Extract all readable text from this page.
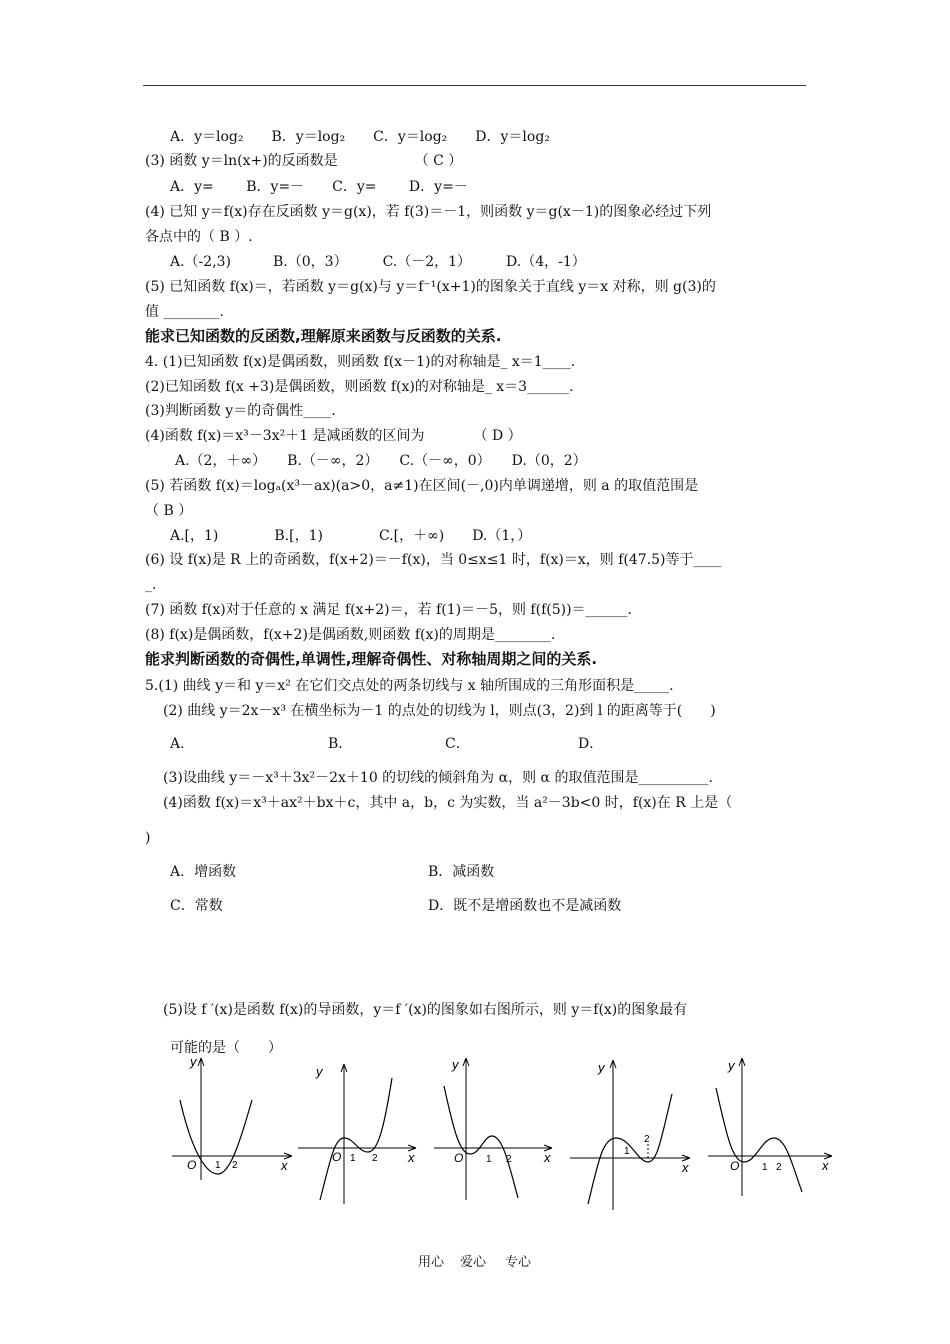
A．y＝log₂　　B．y＝log₂　　C．y＝log₂　　D．y＝log₂
(3) 函数 y＝ln(x+)的反函数是　　　　　　（ C ）
A．y=　　 B．y=－　　C．y=　　 D．y=－
(4) 已知 y＝f(x)存在反函数 y＝g(x)，若 f(3)＝－1，则函数 y＝g(x－1)的图象必经过下列
各点中的（ B ）.
A.（-2,3)　　　B.（0，3）　　　C.（－2，1）　　　D.（4，-1）
(5) 已知函数 f(x)＝，若函数 y＝g(x)与 y＝f⁻¹(x+1)的图象关于直线 y＝x 对称，则 g(3)的
值 ________.
能求已知函数的反函数,理解原来函数与反函数的关系.
4. (1)已知函数 f(x)是偶函数，则函数 f(x－1)的对称轴是_ x＝1____.
(2)已知函数 f(x +3)是偶函数，则函数 f(x)的对称轴是_ x＝3______.
(3)判断函数 y＝的奇偶性____.
(4)函数 f(x)＝x³－3x²＋1 是减函数的区间为　　　　（ D ）
A.（2，＋∞）　　B.（－∞，2）　　C.（－∞，0）　　D.（0，2）
(5) 若函数 f(x)＝logₐ(x³－ax)(a>0，a≠1)在区间(－,0)内单调递增，则 a 的取值范围是
（ B ）
A.[，1)　　　　B.[，1)　　　　C.[，＋∞)　　D.（1，）
(6) 设 f(x)是 R 上的奇函数，f(x+2)＝－f(x)，当 0≤x≤1 时，f(x)＝x，则 f(47.5)等于____
_.
(7) 函数 f(x)对于任意的 x 满足 f(x+2)＝，若 f(1)＝－5，则 f(f(5))＝______.
(8) f(x)是偶函数，f(x+2)是偶函数,则函数 f(x)的周期是________.
能求判断函数的奇偶性,单调性,理解奇偶性、对称轴周期之间的关系.
5.(1) 曲线 y＝和 y＝x² 在它们交点处的两条切线与 x 轴所围成的三角形面积是_____.
(2) 曲线 y＝2x－x³ 在横坐标为－1 的点处的切线为 l，则点(3，2)到 l 的距离等于(　　)
A．	B．	C．	D．
(3)设曲线 y＝－x³＋3x²－2x＋10 的切线的倾斜角为 α，则 α 的取值范围是__________.
(4)函数 f(x)＝x³＋ax²＋bx＋c，其中 a，b，c 为实数，当 a²－3b<0 时，f(x)在 R 上是（
)
A．增函数	B．减函数
C．常数	D．既不是增函数也不是减函数
(5)设 f ′(x)是函数 f(x)的导函数，y＝f ′(x)的图象如右图所示，则 y＝f(x)的图象最有
可能的是（　　）
y
x
O 1 2
y
x
O 1 2
y
x
O 1 2
y
x
1
2
y
x
O 1 2
用心 爱心 专心
